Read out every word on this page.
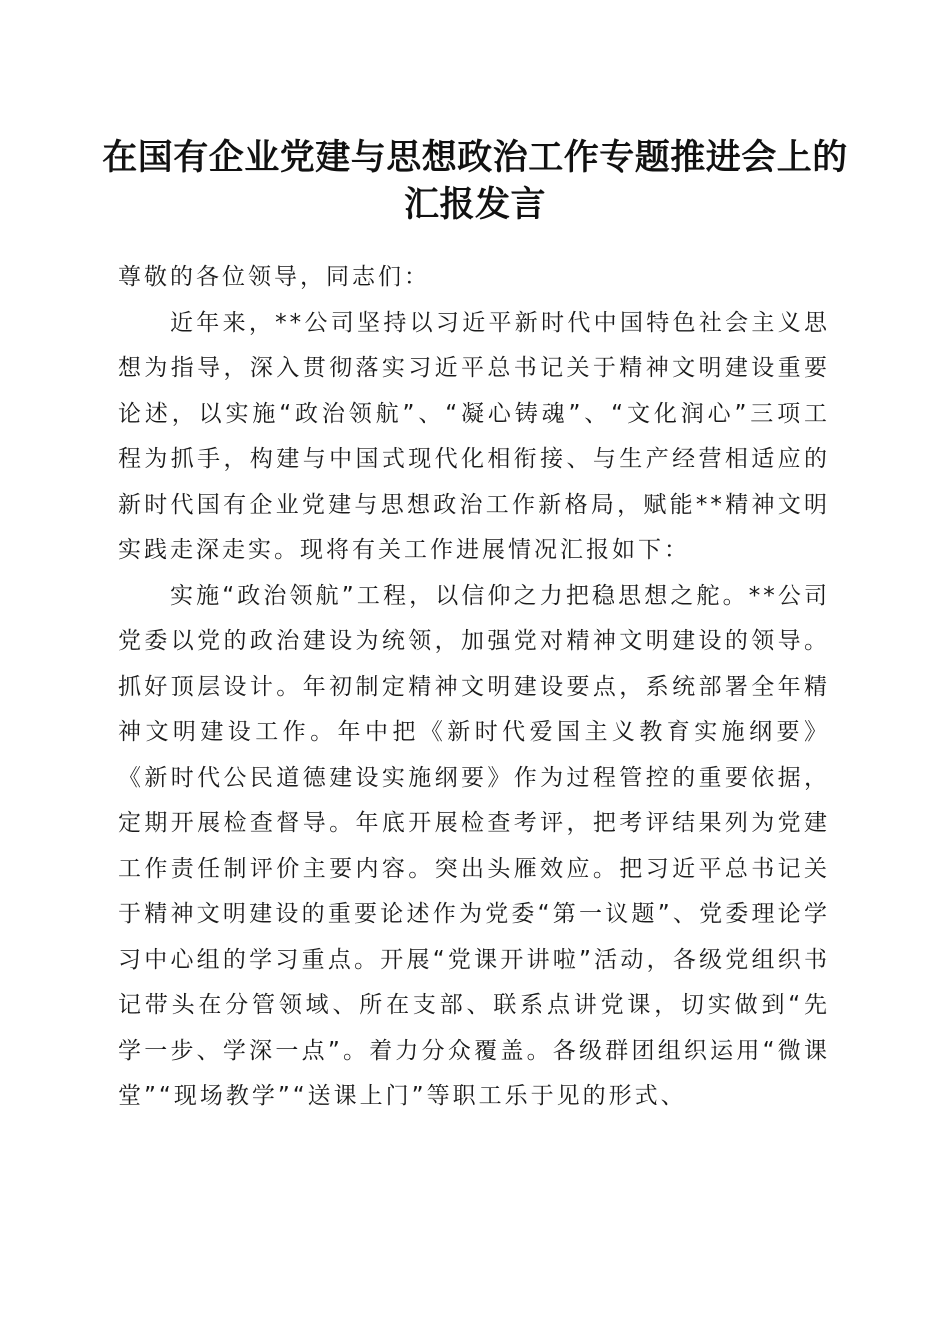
在国有企业党建与思想政治工作专题推进会上的汇报发言

尊敬的各位领导，同志们：

近年来，**公司坚持以习近平新时代中国特色社会主义思想为指导，深入贯彻落实习近平总书记关于精神文明建设重要论述，以实施“政治领航”、“凝心铸魂”、“文化润心”三项工程为抓手，构建与中国式现代化相衔接、与生产经营相适应的新时代国有企业党建与思想政治工作新格局，赋能**精神文明实践走深走实。现将有关工作进展情况汇报如下：

实施“政治领航”工程，以信仰之力把稳思想之舵。**公司党委以党的政治建设为统领，加强党对精神文明建设的领导。抓好顶层设计。年初制定精神文明建设要点，系统部署全年精神文明建设工作。年中把《新时代爱国主义教育实施纲要》《新时代公民道德建设实施纲要》作为过程管控的重要依据，定期开展检查督导。年底开展检查考评，把考评结果列为党建工作责任制评价主要内容。突出头雁效应。把习近平总书记关于精神文明建设的重要论述作为党委“第一议题”、党委理论学习中心组的学习重点。开展“党课开讲啦”活动，各级党组织书记带头在分管领域、所在支部、联系点讲党课，切实做到“先学一步、学深一点”。着力分众覆盖。各级群团组织运用“微课堂”“现场教学”“送课上门”等职工乐于见的形式、
